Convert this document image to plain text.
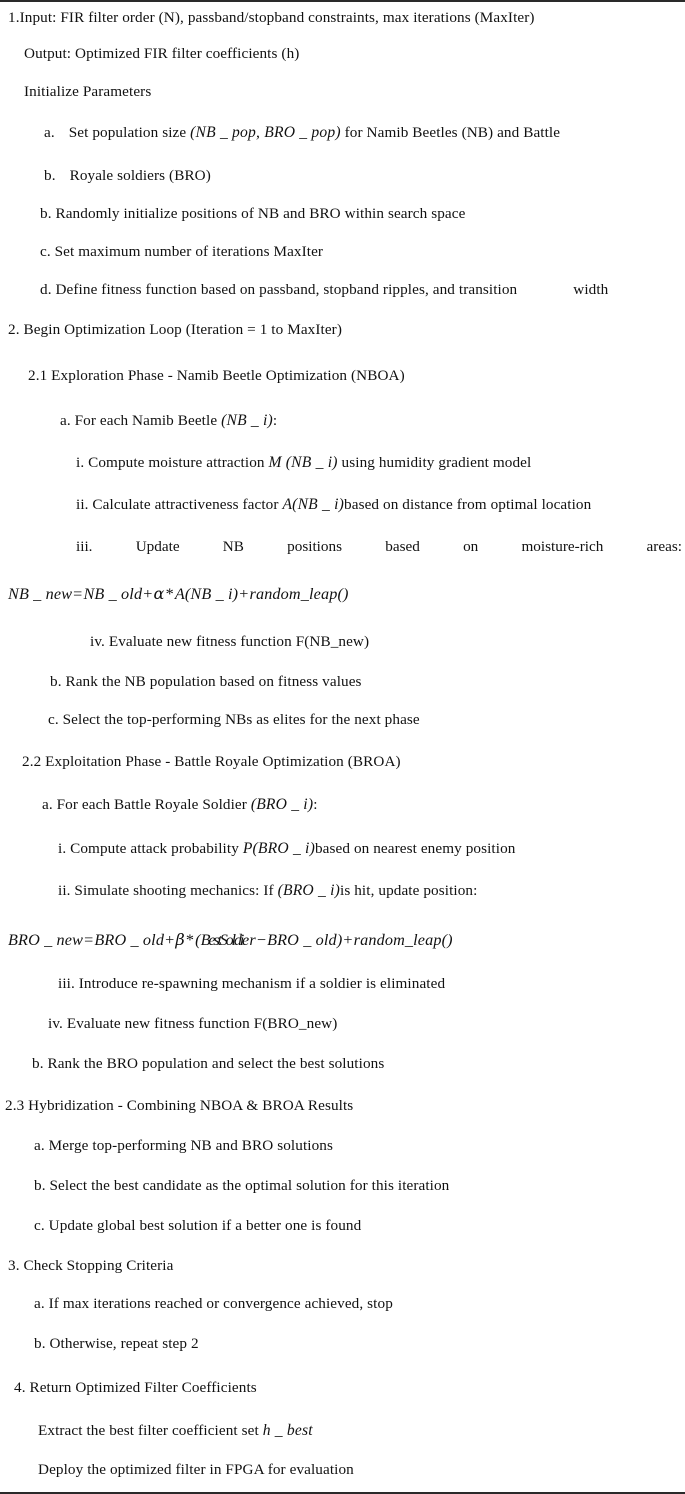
1.Input: FIR filter order (N), passband/stopband constraints, max iterations (MaxIter)
Output: Optimized FIR filter coefficients (h)
Initialize Parameters
a. Set population size (NB _ pop, BRO _ pop) for Namib Beetles (NB) and Battle
b. Royale soldiers (BRO)
b. Randomly initialize positions of NB and BRO within search space
c. Set maximum number of iterations MaxIter
d. Define fitness function based on passband, stopband ripples, and transition	width
2. Begin Optimization Loop (Iteration = 1 to MaxIter)
2.1 Exploration Phase - Namib Beetle Optimization (NBOA)
a. For each Namib Beetle (NB _ i):
i. Compute moisture attraction M (NB _ i) using humidity gradient model
ii. Calculate attractiveness factor A(NB _ i)based on distance from optimal location
iii.	Update	NB	positions	based	on	moisture-rich	areas:
NB _ new=NB _ old+α*A(NB _ i)+random_leap()
iv. Evaluate new fitness function F(NB_new)
b. Rank the NB population based on fitness values
c. Select the top-performing NBs as elites for the next phase
2.2 Exploitation Phase - Battle Royale Optimization (BROA)
a. For each Battle Royale Soldier (BRO _ i):
i. Compute attack probability P(BRO _ i)based on nearest enemy position
ii. Simulate shooting mechanics: If (BRO _ i)is hit, update position:
BRO _ new=BRO _ old+β*(BestSoldier−BRO _ old)+random_leap()
iii. Introduce re-spawning mechanism if a soldier is eliminated
iv. Evaluate new fitness function F(BRO_new)
b. Rank the BRO population and select the best solutions
2.3 Hybridization - Combining NBOA & BROA Results
a. Merge top-performing NB and BRO solutions
b. Select the best candidate as the optimal solution for this iteration
c. Update global best solution if a better one is found
3. Check Stopping Criteria
a. If max iterations reached or convergence achieved, stop
b. Otherwise, repeat step 2
4. Return Optimized Filter Coefficients
Extract the best filter coefficient set h _ best
Deploy the optimized filter in FPGA for evaluation
